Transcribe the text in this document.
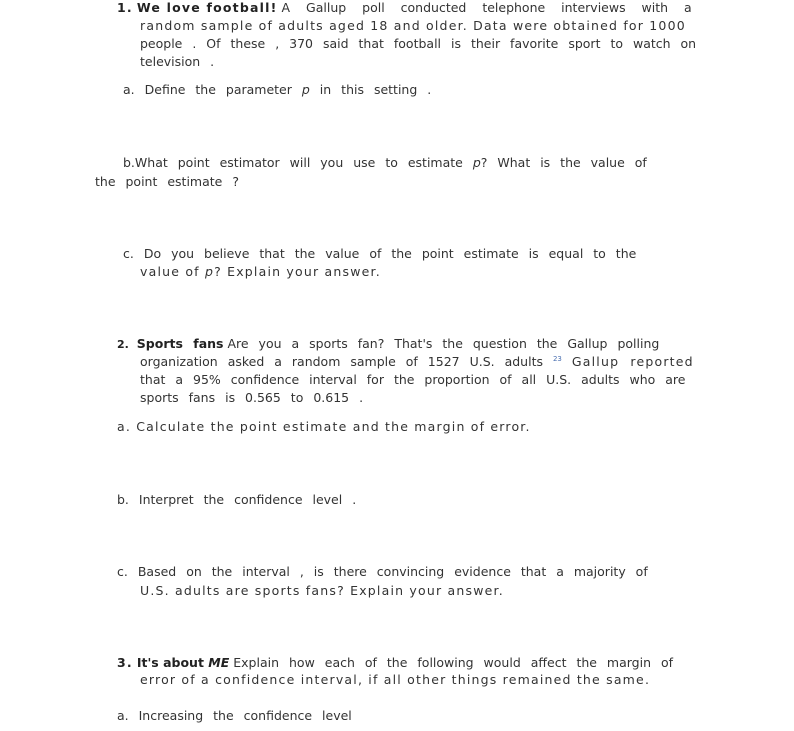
1. We love football! A Gallup poll conducted telephone interviews with a
random sample of adults aged 18 and older. Data were obtained for 1000
people . Of these , 370 said that football is their favorite sport to watch on
television .
a. Define the parameter p in this setting .
b.What point estimator will you use to estimate p? What is the value of
the point estimate ?
c. Do you believe that the value of the point estimate is equal to the
value of p? Explain your answer.
2. Sports fans Are you a sports fan? That's the question the Gallup polling
organization asked a random sample of 1527 U.S. adults $^{23}$ Gallup reported
that a 95% confidence interval for the proportion of all U.S. adults who are
sports fans is 0.565 to 0.615 .
a. Calculate the point estimate and the margin of error.
b. Interpret the confidence level .
c. Based on the interval , is there convincing evidence that a majority of
U.S. adults are sports fans? Explain your answer.
3. It's about ME Explain how each of the following would affect the margin of
error of a confidence interval, if all other things remained the same.
a. Increasing the confidence level
